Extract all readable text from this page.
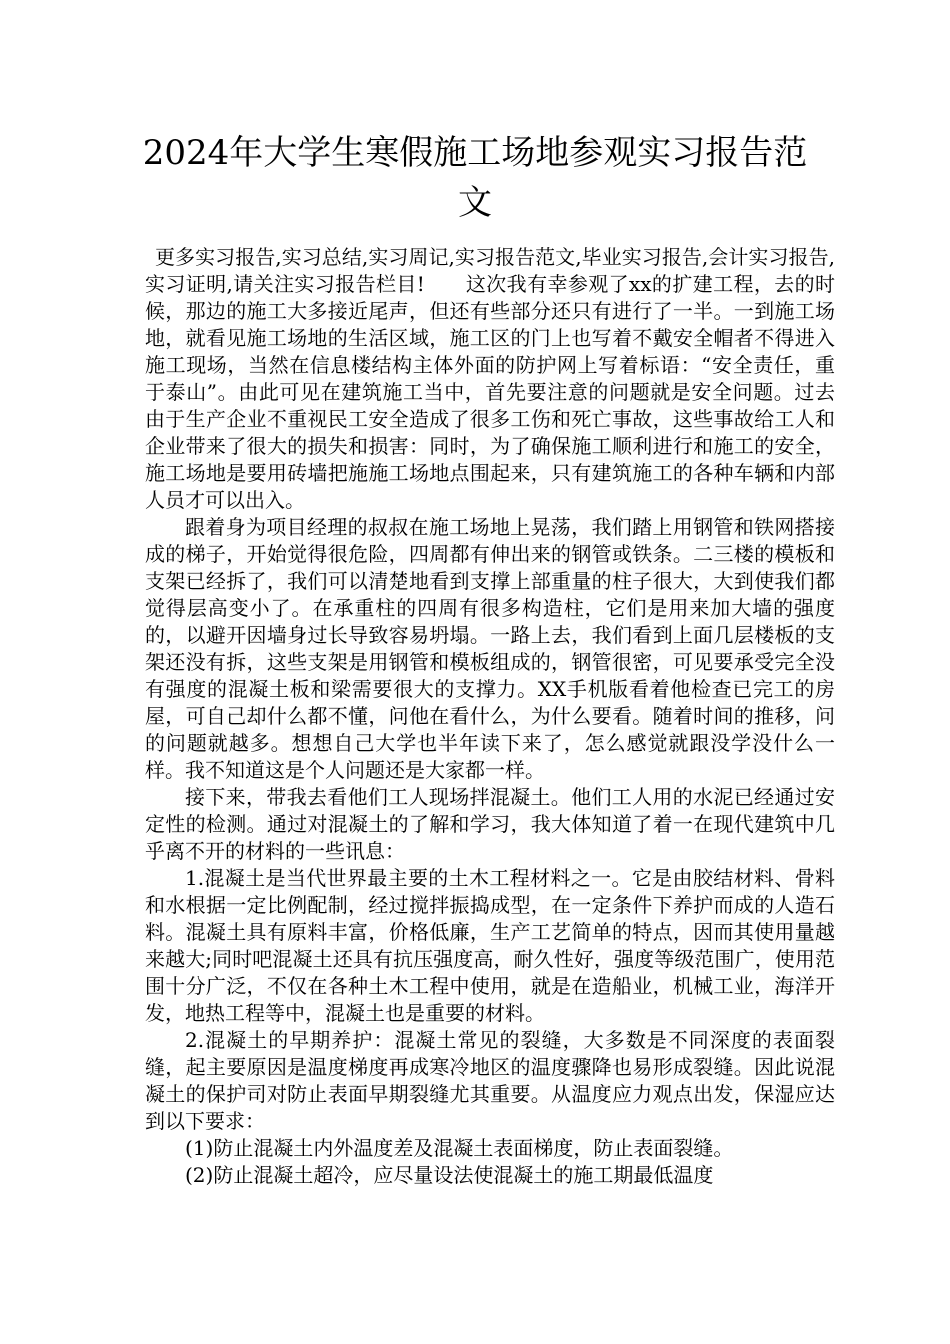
2024年大学生寒假施工场地参观实习报告范文

更多实习报告,实习总结,实习周记,实习报告范文,毕业实习报告,会计实习报告,实习证明,请关注实习报告栏目!　　这次我有幸参观了xx的扩建工程，去的时候，那边的施工大多接近尾声，但还有些部分还只有进行了一半。一到施工场地，就看见施工场地的生活区域，施工区的门上也写着不戴安全帽者不得进入施工现场，当然在信息楼结构主体外面的防护网上写着标语：“安全责任，重于泰山”。由此可见在建筑施工当中，首先要注意的问题就是安全问题。过去由于生产企业不重视民工安全造成了很多工伤和死亡事故，这些事故给工人和企业带来了很大的损失和损害：同时，为了确保施工顺利进行和施工的安全，施工场地是要用砖墙把施施工场地点围起来，只有建筑施工的各种车辆和内部人员才可以出入。

跟着身为项目经理的叔叔在施工场地上晃荡，我们踏上用钢管和铁网搭接成的梯子，开始觉得很危险，四周都有伸出来的钢管或铁条。二三楼的模板和支架已经拆了，我们可以清楚地看到支撑上部重量的柱子很大，大到使我们都觉得层高变小了。在承重柱的四周有很多构造柱，它们是用来加大墙的强度的，以避开因墙身过长导致容易坍塌。一路上去，我们看到上面几层楼板的支架还没有拆，这些支架是用钢管和模板组成的，钢管很密，可见要承受完全没有强度的混凝土板和梁需要很大的支撑力。XX手机版看着他检查已完工的房屋，可自己却什么都不懂，问他在看什么，为什么要看。随着时间的推移，问的问题就越多。想想自己大学也半年读下来了，怎么感觉就跟没学没什么一样。我不知道这是个人问题还是大家都一样。

接下来，带我去看他们工人现场拌混凝土。他们工人用的水泥已经通过安定性的检测。通过对混凝土的了解和学习，我大体知道了着一在现代建筑中几乎离不开的材料的一些讯息：

1.混凝土是当代世界最主要的土木工程材料之一。它是由胶结材料、骨料和水根据一定比例配制，经过搅拌振捣成型，在一定条件下养护而成的人造石料。混凝土具有原料丰富，价格低廉，生产工艺简单的特点，因而其使用量越来越大;同时吧混凝土还具有抗压强度高，耐久性好，强度等级范围广，使用范围十分广泛，不仅在各种土木工程中使用，就是在造船业，机械工业，海洋开发，地热工程等中，混凝土也是重要的材料。

2.混凝土的早期养护：混凝土常见的裂缝，大多数是不同深度的表面裂缝，起主要原因是温度梯度再成寒冷地区的温度骤降也易形成裂缝。因此说混凝土的保护司对防止表面早期裂缝尤其重要。从温度应力观点出发，保湿应达到以下要求：

(1)防止混凝土内外温度差及混凝土表面梯度，防止表面裂缝。

(2)防止混凝土超冷，应尽量设法使混凝土的施工期最低温度
